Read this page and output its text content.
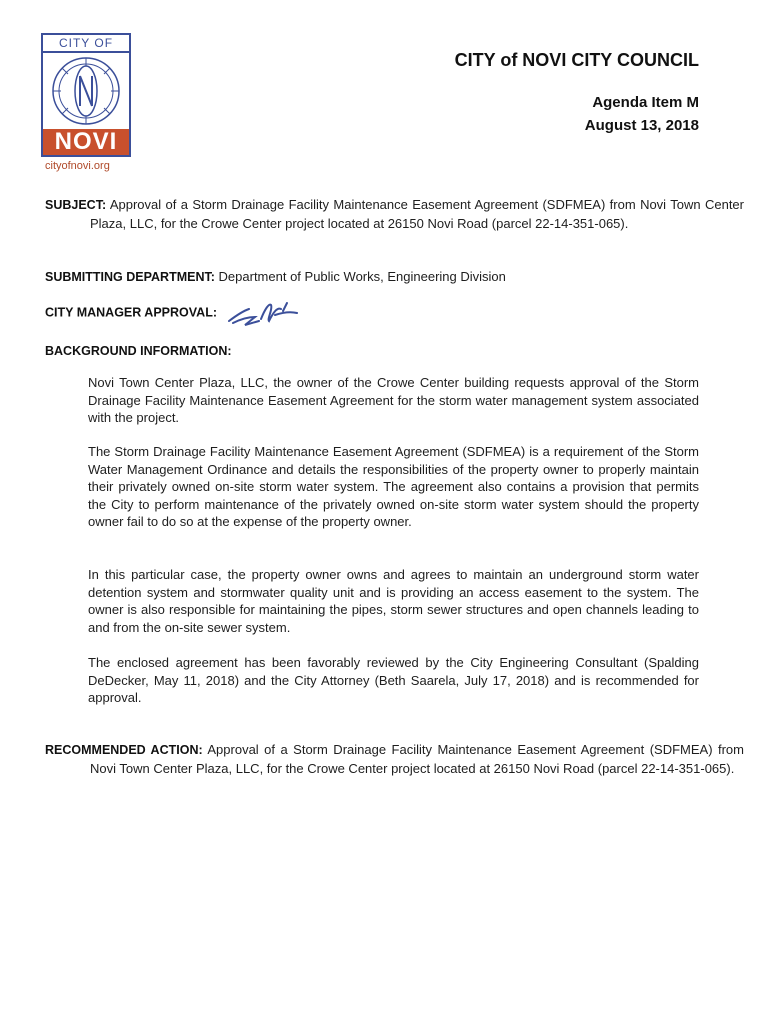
CITY OF
NOVI
cityofnovi.org
CITY of NOVI CITY COUNCIL
Agenda Item M
August 13, 2018
SUBJECT: Approval of a Storm Drainage Facility Maintenance Easement Agreement (SDFMEA) from Novi Town Center Plaza, LLC, for the Crowe Center project located at 26150 Novi Road (parcel 22-14-351-065).
SUBMITTING DEPARTMENT: Department of Public Works, Engineering Division
CITY MANAGER APPROVAL:
BACKGROUND INFORMATION:
Novi Town Center Plaza, LLC, the owner of the Crowe Center building requests approval of the Storm Drainage Facility Maintenance Easement Agreement for the storm water management system associated with the project.
The Storm Drainage Facility Maintenance Easement Agreement (SDFMEA) is a requirement of the Storm Water Management Ordinance and details the responsibilities of the property owner to properly maintain their privately owned on-site storm water system. The agreement also contains a provision that permits the City to perform maintenance of the privately owned on-site storm water system should the property owner fail to do so at the expense of the property owner.
In this particular case, the property owner owns and agrees to maintain an underground storm water detention system and stormwater quality unit and is providing an access easement to the system. The owner is also responsible for maintaining the pipes, storm sewer structures and open channels leading to and from the on-site sewer system.
The enclosed agreement has been favorably reviewed by the City Engineering Consultant (Spalding DeDecker, May 11, 2018) and the City Attorney (Beth Saarela, July 17, 2018) and is recommended for approval.
RECOMMENDED ACTION: Approval of a Storm Drainage Facility Maintenance Easement Agreement (SDFMEA) from Novi Town Center Plaza, LLC, for the Crowe Center project located at 26150 Novi Road (parcel 22-14-351-065).
